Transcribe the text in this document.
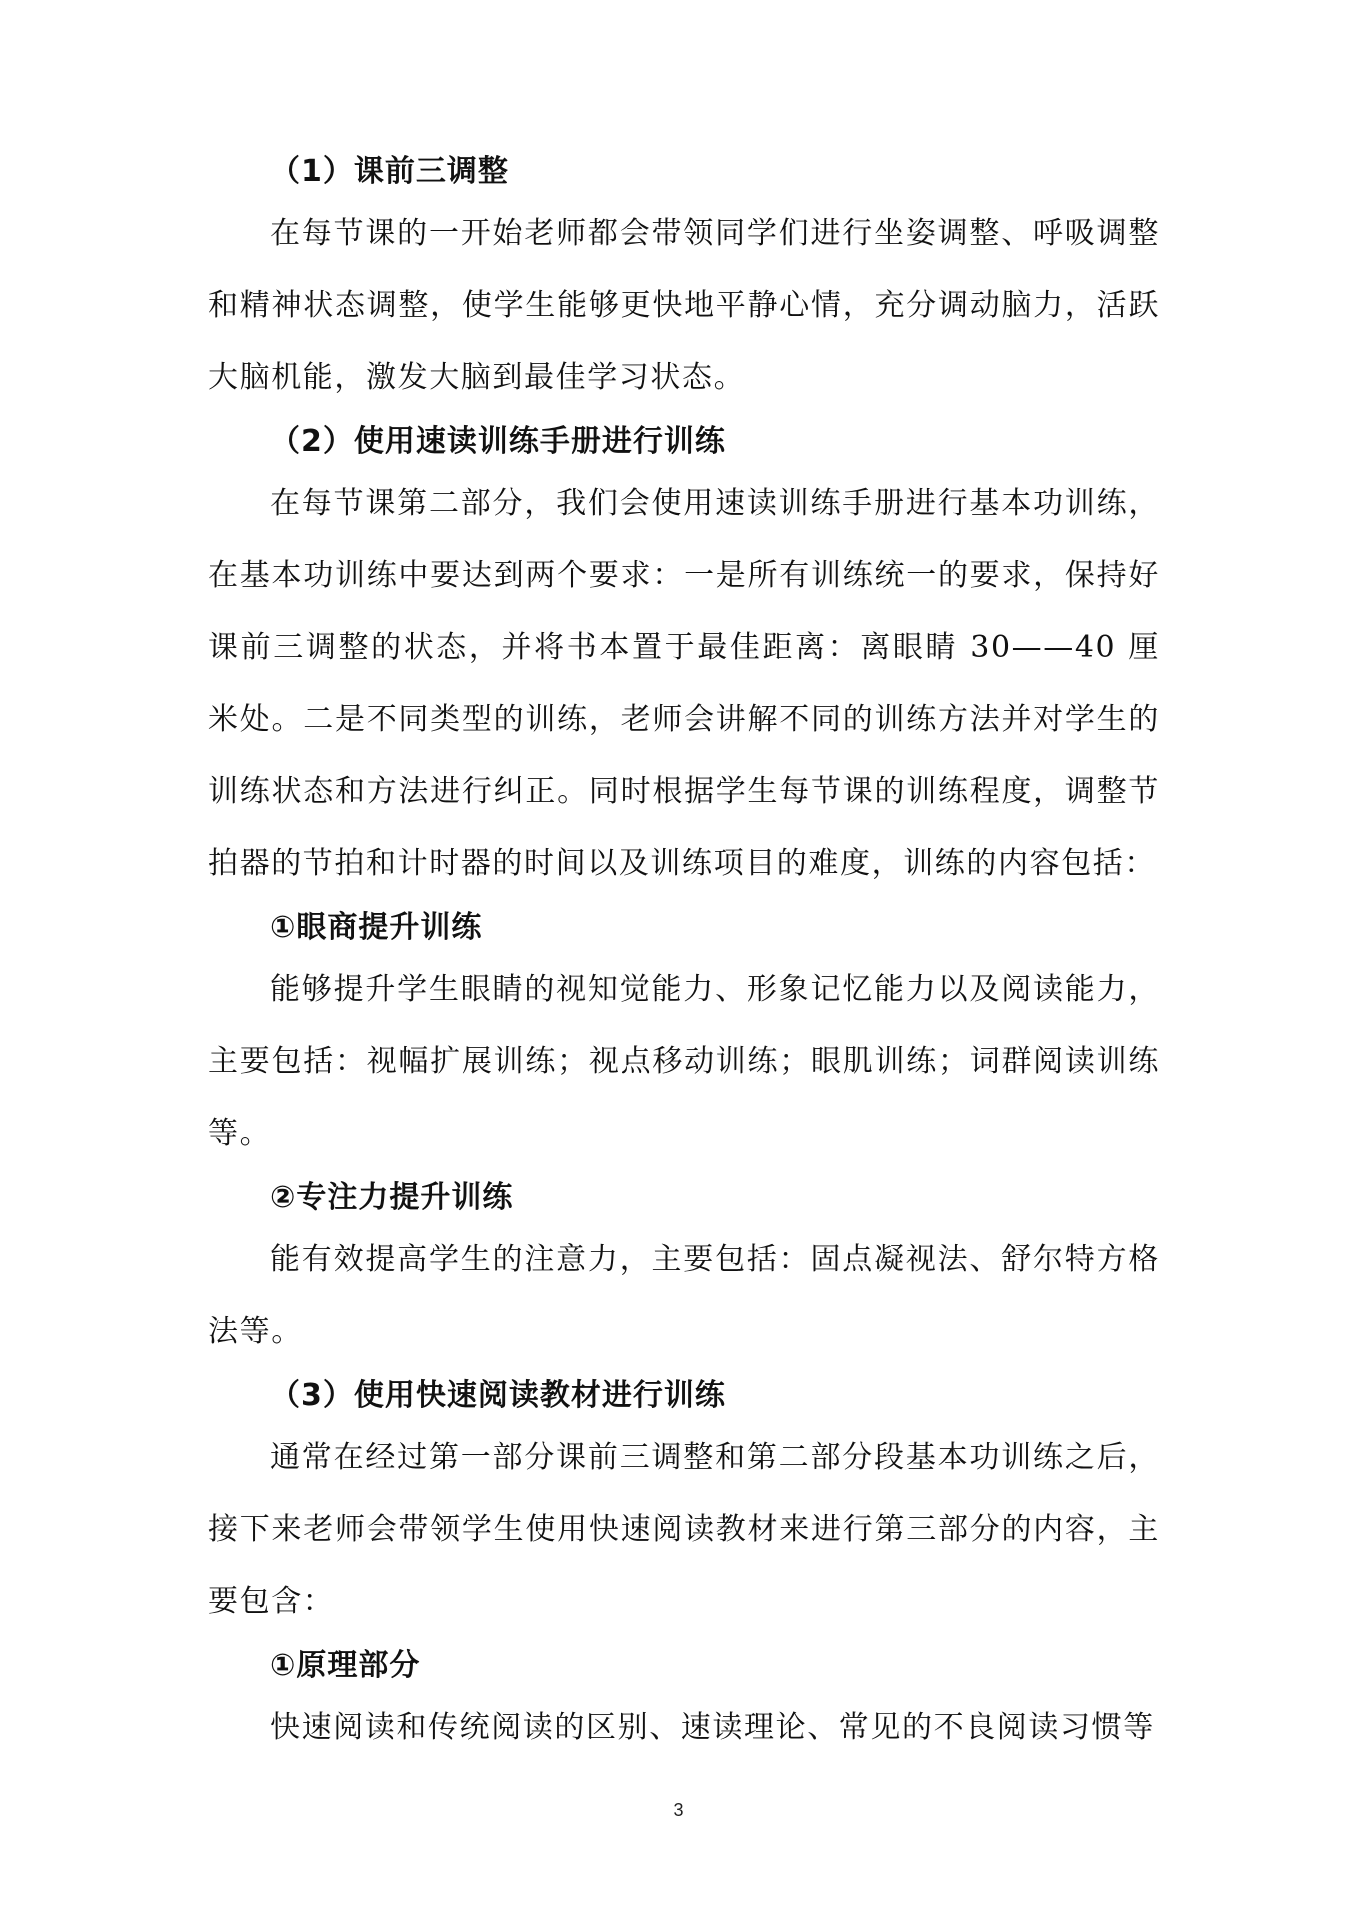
（1）课前三调整
在每节课的一开始老师都会带领同学们进行坐姿调整、呼吸调整和精神状态调整，使学生能够更快地平静心情，充分调动脑力，活跃大脑机能，激发大脑到最佳学习状态。
（2）使用速读训练手册进行训练
在每节课第二部分，我们会使用速读训练手册进行基本功训练，在基本功训练中要达到两个要求：一是所有训练统一的要求，保持好课前三调整的状态，并将书本置于最佳距离：离眼睛 30——40 厘米处。二是不同类型的训练，老师会讲解不同的训练方法并对学生的训练状态和方法进行纠正。同时根据学生每节课的训练程度，调整节拍器的节拍和计时器的时间以及训练项目的难度，训练的内容包括：
①眼商提升训练
能够提升学生眼睛的视知觉能力、形象记忆能力以及阅读能力，主要包括：视幅扩展训练；视点移动训练；眼肌训练；词群阅读训练等。
②专注力提升训练
能有效提高学生的注意力，主要包括：固点凝视法、舒尔特方格法等。
（3）使用快速阅读教材进行训练
通常在经过第一部分课前三调整和第二部分段基本功训练之后，接下来老师会带领学生使用快速阅读教材来进行第三部分的内容，主要包含：
①原理部分
快速阅读和传统阅读的区别、速读理论、常见的不良阅读习惯等
3
